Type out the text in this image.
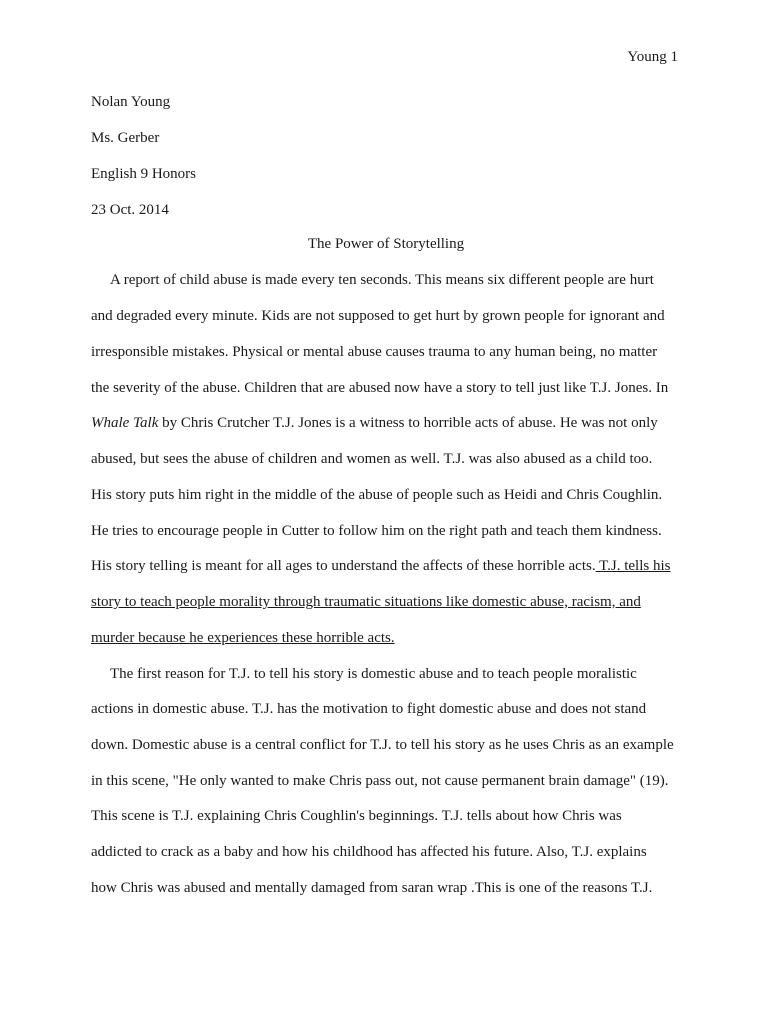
Young 1
Nolan Young
Ms. Gerber
English 9 Honors
23 Oct. 2014
The Power of Storytelling
A report of child abuse is made every ten seconds. This means six different people are hurt
and degraded every minute. Kids are not supposed to get hurt by grown people for ignorant and
irresponsible mistakes. Physical or mental abuse causes trauma to any human being, no matter
the severity of the abuse. Children that are abused now have a story to tell just like T.J. Jones. In
Whale Talk by Chris Crutcher T.J. Jones is a witness to horrible acts of abuse. He was not only
abused, but sees the abuse of children and women as well. T.J. was also abused as a child too.
His story puts him right in the middle of the abuse of people such as Heidi and Chris Coughlin.
He tries to encourage people in Cutter to follow him on the right path and teach them kindness.
His story telling is meant for all ages to understand the affects of these horrible acts. T.J. tells his
story to teach people morality through traumatic situations like domestic abuse, racism, and
murder because he experiences these horrible acts.
The first reason for T.J. to tell his story is domestic abuse and to teach people moralistic
actions in domestic abuse. T.J. has the motivation to fight domestic abuse and does not stand
down. Domestic abuse is a central conflict for T.J. to tell his story as he uses Chris as an example
in this scene, "He only wanted to make Chris pass out, not cause permanent brain damage" (19).
This scene is T.J. explaining Chris Coughlin's beginnings. T.J. tells about how Chris was
addicted to crack as a baby and how his childhood has affected his future. Also, T.J. explains
how Chris was abused and mentally damaged from saran wrap .This is one of the reasons T.J.
